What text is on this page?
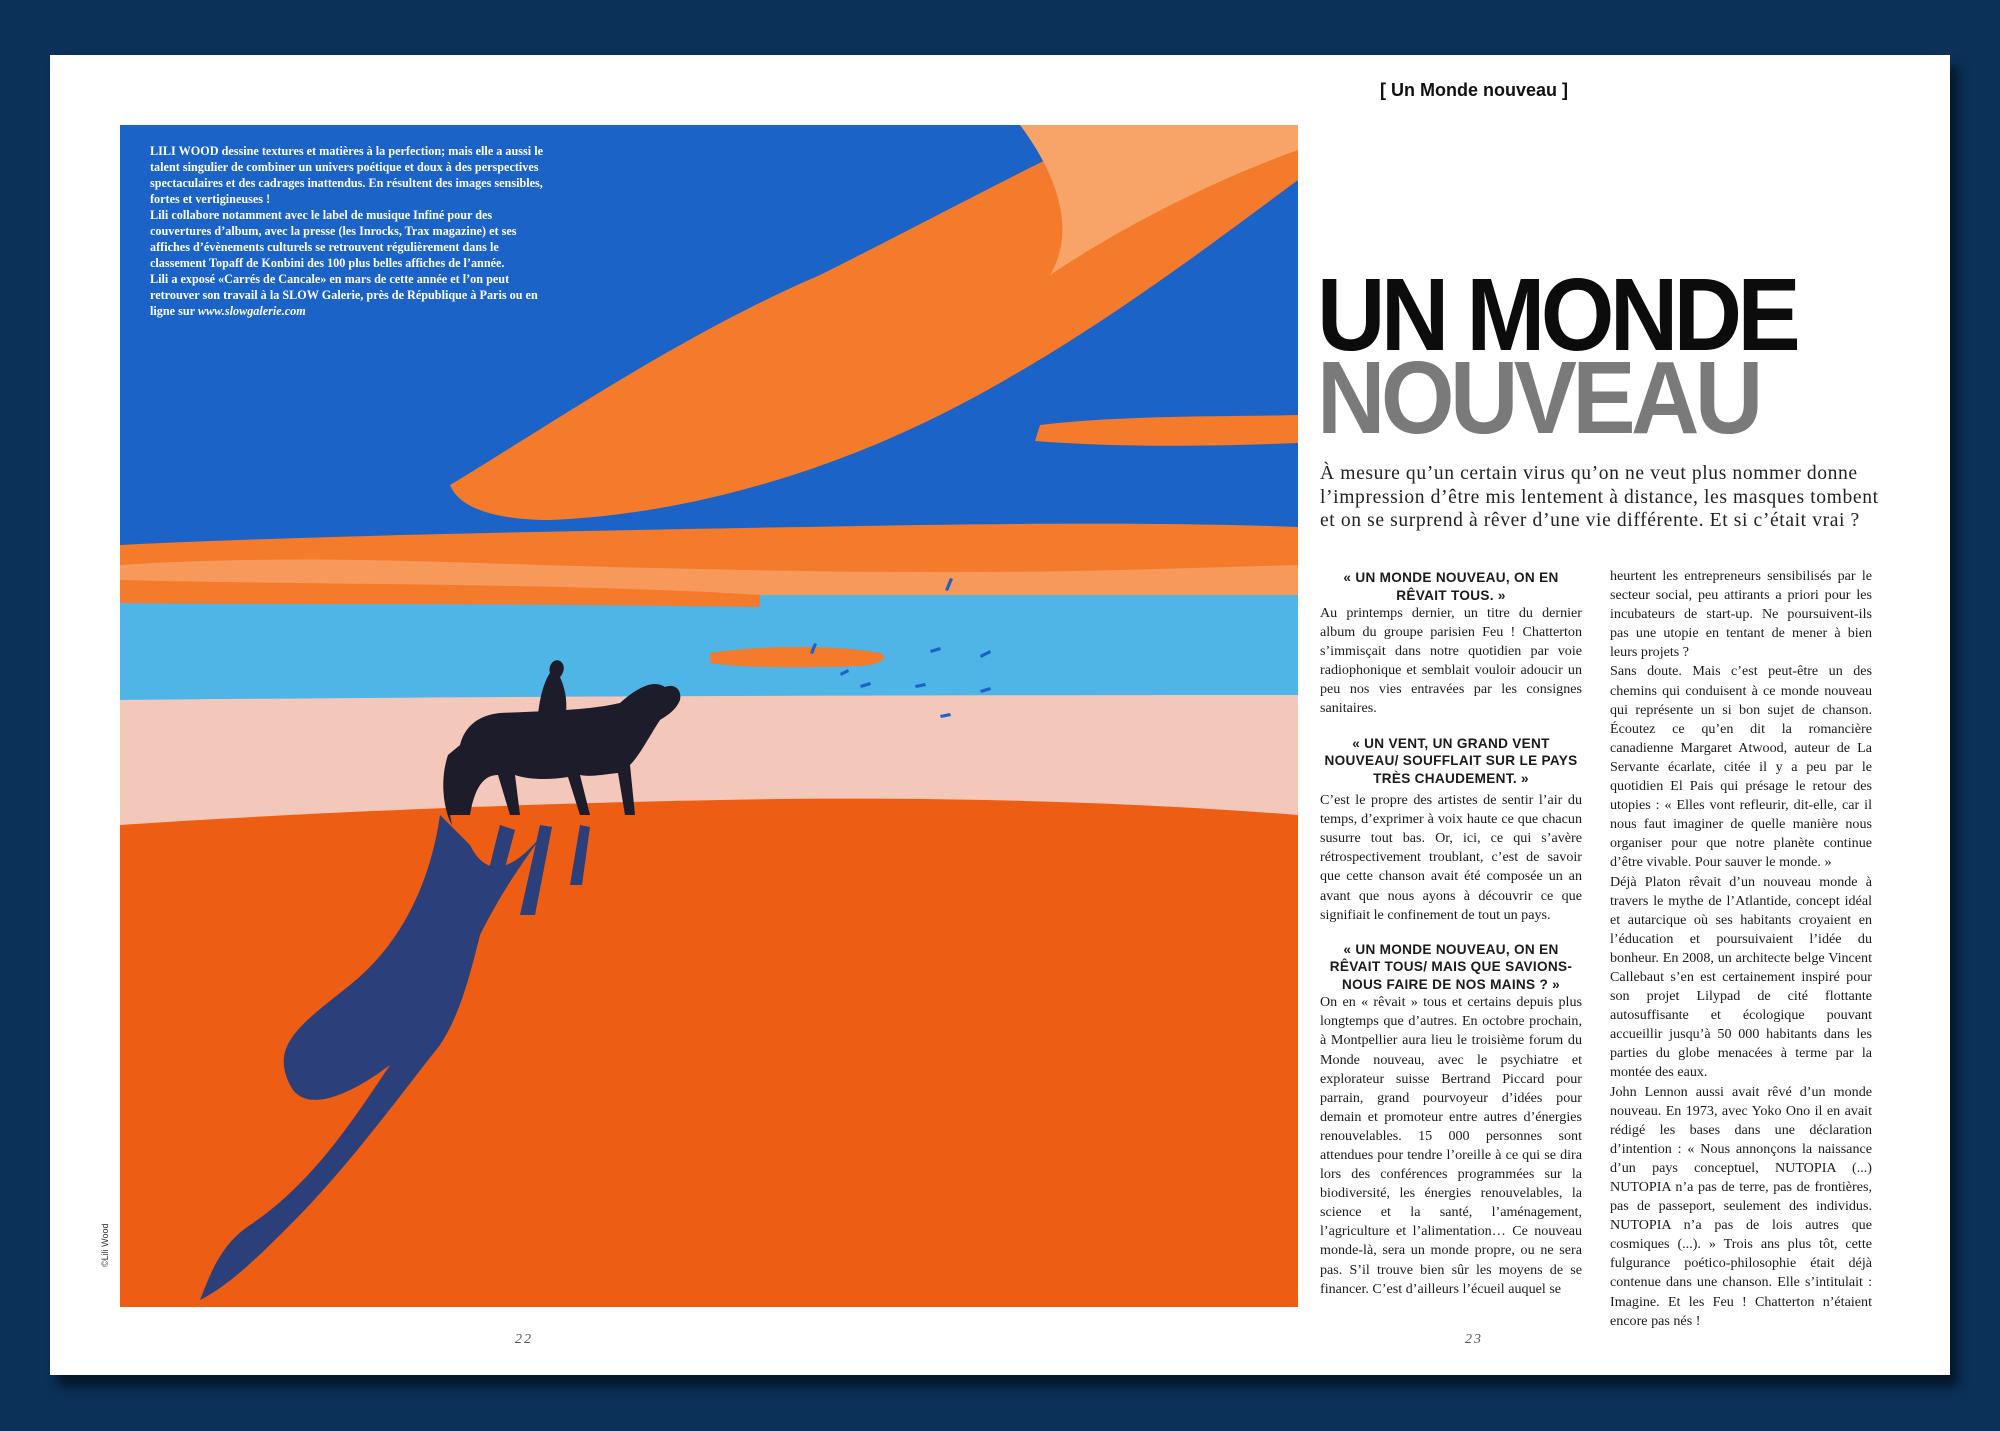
LILI WOOD dessine textures et matières à la perfection; mais elle a aussi le talent singulier de combiner un univers poétique et doux à des perspectives spectaculaires et des cadrages inattendus. En résultent des images sensibles, fortes et vertigineuses !

Lili collabore notamment avec le label de musique Infiné pour des couvertures d’album, avec la presse (les Inrocks, Trax magazine) et ses affiches d’évènements culturels se retrouvent régulièrement dans le classement Topaff de Konbini des 100 plus belles affiches de l’année.

Lili a exposé «Carrés de Cancale» en mars de cette année et l’on peut retrouver son travail à la SLOW Galerie, près de République à Paris ou en ligne sur www.slowgalerie.com

©Lili Wood
[ Un Monde nouveau ]
UN MONDE
NOUVEAU
À mesure qu’un certain virus qu’on ne veut plus nommer donne l’impression d’être mis lentement à distance, les masques tombent et on se surprend à rêver d’une vie différente. Et si c’était vrai ?

« UN MONDE NOUVEAU, ON EN RÊVAIT TOUS. »

Au printemps dernier, un titre du dernier album du groupe parisien Feu ! Chatterton s’immisçait dans notre quotidien par voie radiophonique et semblait vouloir adoucir un peu nos vies entravées par les consignes sanitaires.

« UN VENT, UN GRAND VENT NOUVEAU/ SOUFFLAIT SUR LE PAYS TRÈS CHAUDEMENT. »

C’est le propre des artistes de sentir l’air du temps, d’exprimer à voix haute ce que chacun susurre tout bas. Or, ici, ce qui s’avère rétrospectivement troublant, c’est de savoir que cette chanson avait été composée un an avant que nous ayons à découvrir ce que signifiait le confinement de tout un pays.

« UN MONDE NOUVEAU, ON EN RÊVAIT TOUS/ MAIS QUE SAVIONS-NOUS FAIRE DE NOS MAINS ? »

On en « rêvait » tous et certains depuis plus longtemps que d’autres. En octobre prochain, à Montpellier aura lieu le troisième forum du Monde nouveau, avec le psychiatre et explorateur suisse Bertrand Piccard pour parrain, grand pourvoyeur d’idées pour demain et promoteur entre autres d’énergies renouvelables. 15 000 personnes sont attendues pour tendre l’oreille à ce qui se dira lors des conférences programmées sur la biodiversité, les énergies renouvelables, la science et la santé, l’aménagement, l’agriculture et l’alimentation… Ce nouveau monde-là, sera un monde propre, ou ne sera pas. S’il trouve bien sûr les moyens de se financer. C’est d’ailleurs l’écueil auquel se

heurtent les entrepreneurs sensibilisés par le secteur social, peu attirants a priori pour les incubateurs de start-up. Ne poursuivent-ils pas une utopie en tentant de mener à bien leurs projets ?

Sans doute. Mais c’est peut-être un des chemins qui conduisent à ce monde nouveau qui représente un si bon sujet de chanson. Écoutez ce qu’en dit la romancière canadienne Margaret Atwood, auteur de La Servante écarlate, citée il y a peu par le quotidien El Pais qui présage le retour des utopies : « Elles vont refleurir, dit-elle, car il nous faut imaginer de quelle manière nous organiser pour que notre planète continue d’être vivable. Pour sauver le monde. »

Déjà Platon rêvait d’un nouveau monde à travers le mythe de l’Atlantide, concept idéal et autarcique où ses habitants croyaient en l’éducation et poursuivaient l’idée du bonheur. En 2008, un architecte belge Vincent Callebaut s’en est certainement inspiré pour son projet Lilypad de cité flottante autosuffisante et écologique pouvant accueillir jusqu’à 50 000 habitants dans les parties du globe menacées à terme par la montée des eaux.

John Lennon aussi avait rêvé d’un monde nouveau. En 1973, avec Yoko Ono il en avait rédigé les bases dans une déclaration d’intention : « Nous annonçons la naissance d’un pays conceptuel, NUTOPIA (...) NUTOPIA n’a pas de terre, pas de frontières, pas de passeport, seulement des individus. NUTOPIA n’a pas de lois autres que cosmiques (...). » Trois ans plus tôt, cette fulgurance poético-philosophie était déjà contenue dans une chanson. Elle s’intitulait : Imagine. Et les Feu ! Chatterton n’étaient encore pas nés !

22	23
